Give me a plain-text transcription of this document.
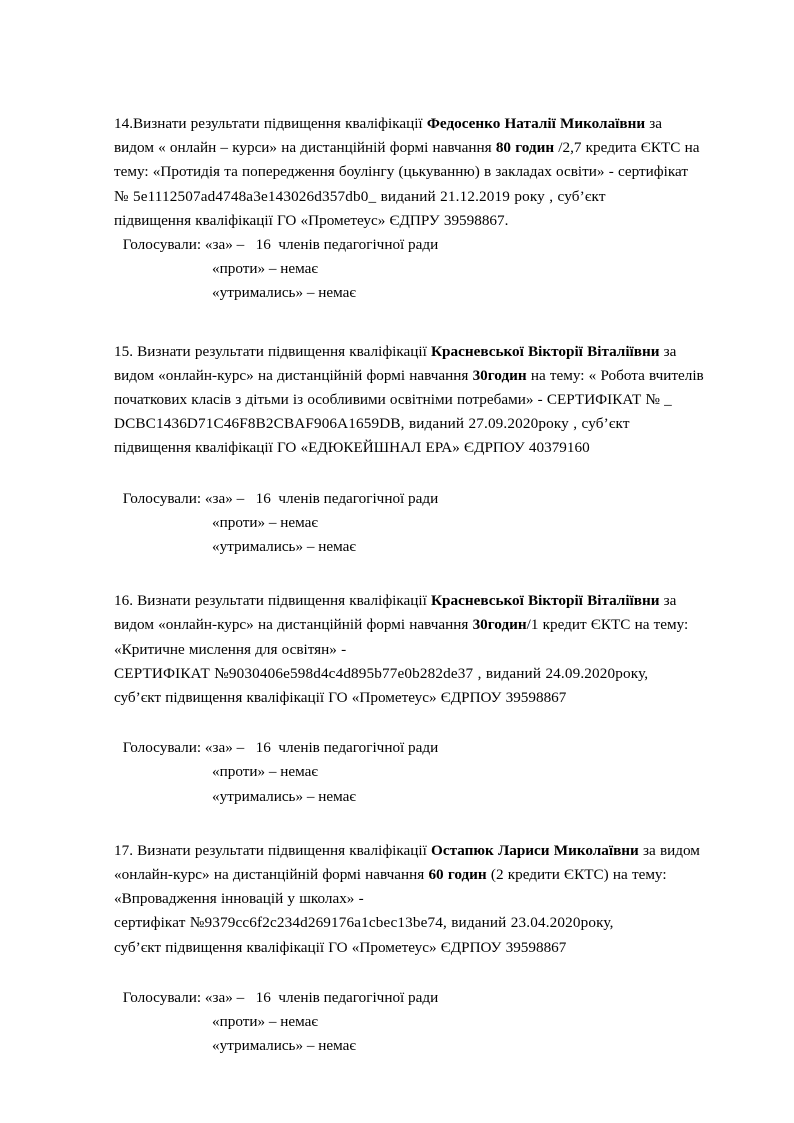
14.Визнати результати підвищення кваліфікації Федосенко Наталії Миколаївни за видом « онлайн – курси» на дистанційній формі навчання 80 годин /2,7 кредита ЄКТС на тему: «Протидія та попередження боулінгу (цькуванню) в закладах освіти» - сертифікат

№ 5e1112507ad4748a3e143026d357db0_ виданий 21.12.2019 року , суб’єкт

підвищення кваліфікації ГО «Прометеус» ЄДПРУ 39598867.

Голосували: «за» –   16  членів педагогічної ради

«проти» – немає

«утримались» – немає

15. Визнати результати підвищення кваліфікації Красневської Вікторії Віталіївни за видом «онлайн-курс» на дистанційній формі навчання 30годин на тему: « Робота вчителів початкових класів з дітьми із особливими освітніми потребами» - СЕРТИФІКАТ № _

DCBC1436D71C46F8B2CBAF906A1659DB, виданий 27.09.2020року , суб’єкт

підвищення кваліфікації ГО «ЕДЮКЕЙШНАЛ ЕРА» ЄДРПОУ 40379160

Голосували: «за» –   16  членів педагогічної ради

«проти» – немає

«утримались» – немає

16. Визнати результати підвищення кваліфікації Красневської Вікторії Віталіївни за видом «онлайн-курс» на дистанційній формі навчання 30годин/1 кредит ЄКТС на тему: «Критичне мислення для освітян» -

СЕРТИФІКАТ №9030406e598d4c4d895b77e0b282de37 , виданий 24.09.2020року,

суб’єкт підвищення кваліфікації ГО «Прометеус» ЄДРПОУ 39598867

Голосували: «за» –   16  членів педагогічної ради

«проти» – немає

«утримались» – немає

17. Визнати результати підвищення кваліфікації Остапюк Лариси Миколаївни за видом «онлайн-курс» на дистанційній формі навчання 60 годин (2 кредити ЄКТС) на тему: «Впровадження інновацій у школах» -

сертифікат №9379cc6f2c234d269176a1cbec13be74, виданий 23.04.2020року,

суб’єкт підвищення кваліфікації ГО «Прометеус» ЄДРПОУ 39598867

Голосували: «за» –   16  членів педагогічної ради

«проти» – немає

«утримались» – немає
